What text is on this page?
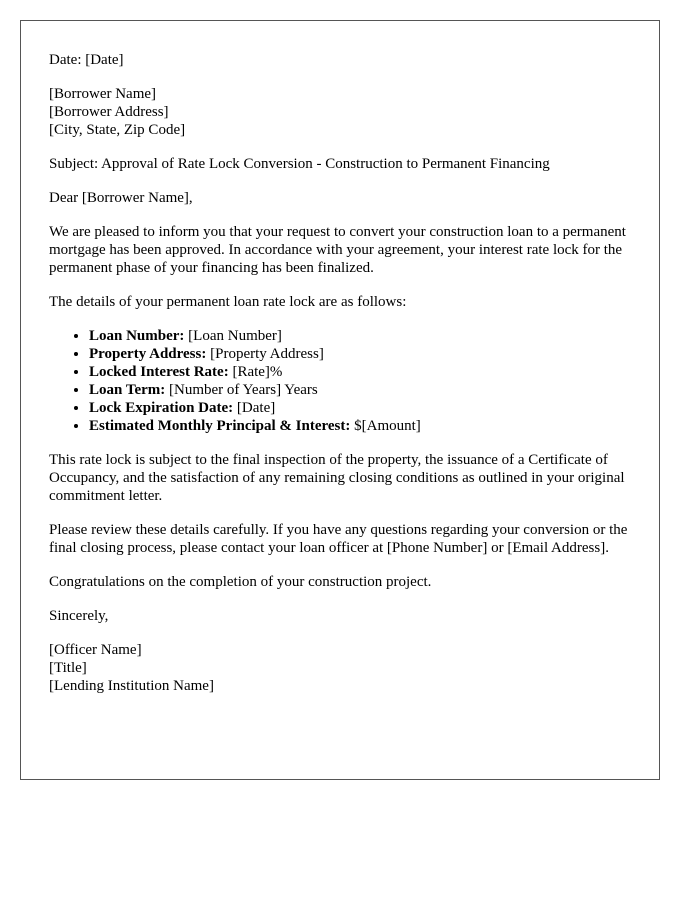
Date: [Date]
[Borrower Name]
[Borrower Address]
[City, State, Zip Code]
Subject: Approval of Rate Lock Conversion - Construction to Permanent Financing
Dear [Borrower Name],
We are pleased to inform you that your request to convert your construction loan to a permanent mortgage has been approved. In accordance with your agreement, your interest rate lock for the permanent phase of your financing has been finalized.
The details of your permanent loan rate lock are as follows:
• Loan Number: [Loan Number]
• Property Address: [Property Address]
• Locked Interest Rate: [Rate]%
• Loan Term: [Number of Years] Years
• Lock Expiration Date: [Date]
• Estimated Monthly Principal & Interest: $[Amount]
This rate lock is subject to the final inspection of the property, the issuance of a Certificate of Occupancy, and the satisfaction of any remaining closing conditions as outlined in your original commitment letter.
Please review these details carefully. If you have any questions regarding your conversion or the final closing process, please contact your loan officer at [Phone Number] or [Email Address].
Congratulations on the completion of your construction project.
Sincerely,
[Officer Name]
[Title]
[Lending Institution Name]
